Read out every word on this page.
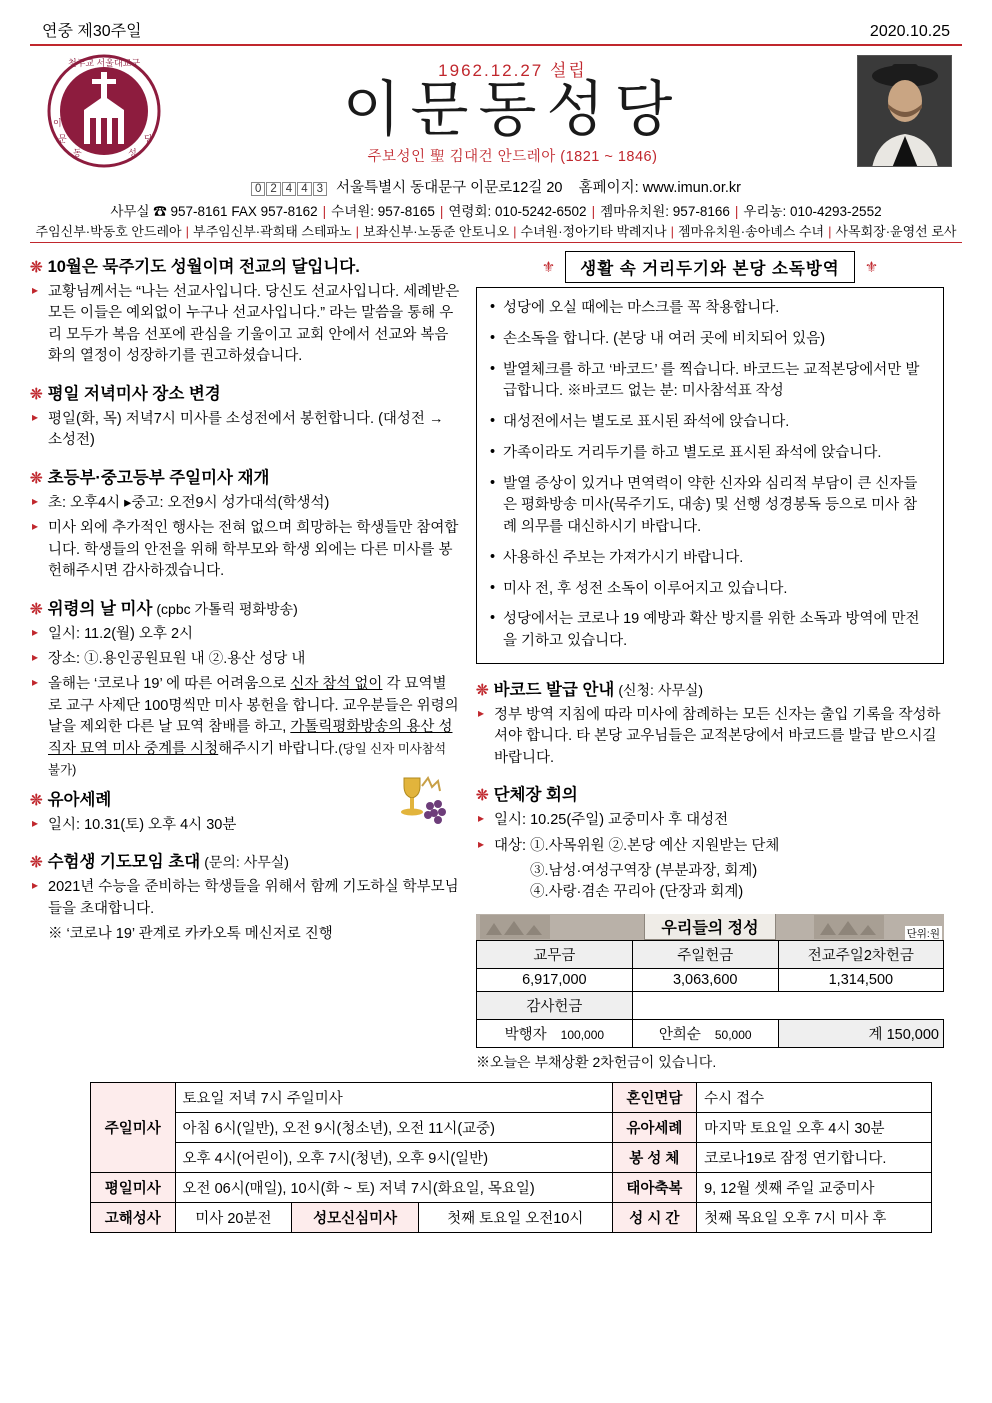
연중 제30주일	2020.10.25
천주교 서울대교구
이
문
동	성
당
1962.12.27 설립
이문동성당
주보성인 聖 김대건 안드레아 (1821 ~ 1846)
0 2 4 4 3 서울특별시 동대문구 이문로12길 20 홈페이지: www.imun.or.kr
사무실 ☎ 957-8161 FAX 957-8162 | 수녀원: 957-8165 | 연령회: 010-5242-6502 | 젬마유치원: 957-8166 | 우리농: 010-4293-2552
주임신부·박동호 안드레아 | 부주임신부·곽희태 스테파노 | 보좌신부·노동준 안토니오 | 수녀원·정아기타 박례지나 | 젬마유치원·송아녜스 수녀 | 사목회장·윤영선 로사
❊ 10월은 묵주기도 성월이며 전교의 달입니다.
▸ 교황님께서는 “나는 선교사입니다. 당신도 선교사입니다. 세례받은 모든 이들은 예외없이 누구나 선교사입니다.” 라는 말씀을 통해 우리 모두가 복음 선포에 관심을 기울이고 교회 안에서 선교와 복음화의 열정이 성장하기를 권고하셨습니다.
❊ 평일 저녁미사 장소 변경
▸ 평일(화, 목) 저녁7시 미사를 소성전에서 봉헌합니다. (대성전 → 소성전)
❊ 초등부·중고등부 주일미사 재개
▸ 초: 오후4시 ▸중고: 오전9시 성가대석(학생석)
▸ 미사 외에 추가적인 행사는 전혀 없으며 희망하는 학생들만 참여합니다. 학생들의 안전을 위해 학부모와 학생 외에는 다른 미사를 봉헌해주시면 감사하겠습니다.
❊ 위령의 날 미사 (cpbc 가톨릭 평화방송)
▸ 일시: 11.2(월) 오후 2시
▸ 장소: ①.용인공원묘원 내 ②.용산 성당 내
▸ 올해는 ‘코로나 19’ 에 따른 어려움으로 신자 참석 없이 각 묘역별로 교구 사제단 100명씩만 미사 봉헌을 합니다. 교우분들은 위령의 날을 제외한 다른 날 묘역 참배를 하고, 가톨릭평화방송의 용산 성직자 묘역 미사 중계를 시청해주시기 바랍니다.(당일 신자 미사참석 불가)
❊ 유아세례
▸ 일시: 10.31(토) 오후 4시 30분
❊ 수험생 기도모임 초대 (문의: 사무실)
▸ 2021년 수능을 준비하는 학생들을 위해서 함께 기도하실 학부모님들을 초대합니다.
※ ‘코로나 19’ 관계로 카카오톡 메신저로 진행
⚜	생활 속 거리두기와 본당 소독방역	⚜
• 성당에 오실 때에는 마스크를 꼭 착용합니다.
• 손소독을 합니다. (본당 내 여러 곳에 비치되어 있음)
• 발열체크를 하고 ‘바코드’ 를 찍습니다. 바코드는 교적본당에서만 발급합니다. ※바코드 없는 분: 미사참석표 작성
• 대성전에서는 별도로 표시된 좌석에 앉습니다.
• 가족이라도 거리두기를 하고 별도로 표시된 좌석에 앉습니다.
• 발열 증상이 있거나 면역력이 약한 신자와 심리적 부담이 큰 신자들은 평화방송 미사(묵주기도, 대송) 및 선행 성경봉독 등으로 미사 참례 의무를 대신하시기 바랍니다.
• 사용하신 주보는 가져가시기 바랍니다.
• 미사 전, 후 성전 소독이 이루어지고 있습니다.
• 성당에서는 코로나 19 예방과 확산 방지를 위한 소독과 방역에 만전을 기하고 있습니다.
❊ 바코드 발급 안내 (신청: 사무실)
▸ 정부 방역 지침에 따라 미사에 참례하는 모든 신자는 출입 기록을 작성하셔야 합니다. 타 본당 교우님들은 교적본당에서 바코드를 발급 받으시길 바랍니다.
❊ 단체장 회의
▸ 일시: 10.25(주일) 교중미사 후 대성전
▸ 대상: ①.사목위원 ②.본당 예산 지원받는 단체
③.남성·여성구역장 (부분과장, 회계)
④.사랑·겸손 꾸리아 (단장과 회계)
우리들의 정성	단위:원
교무금	주일헌금	전교주일2차헌금
6,917,000	3,063,600	1,314,500
감사헌금		
박행자 100,000	안희순 50,000	계 150,000
※오늘은 부채상환 2차헌금이 있습니다.
주일미사	토요일 저녁 7시 주일미사			혼인면담	수시 접수
	아침 6시(일반), 오전 9시(청소년), 오전 11시(교중)			유아세례	마지막 토요일 오후 4시 30분
	오후 4시(어린이), 오후 7시(청년), 오후 9시(일반)			봉 성 체	코로나19로 잠정 연기합니다.
평일미사	오전 06시(매일), 10시(화 ~ 토) 저녁 7시(화요일, 목요일)			태아축복	9, 12월 셋째 주일 교중미사
고해성사	미사 20분전	성모신심미사	첫째 토요일 오전10시	성 시 간	첫째 목요일 오후 7시 미사 후
